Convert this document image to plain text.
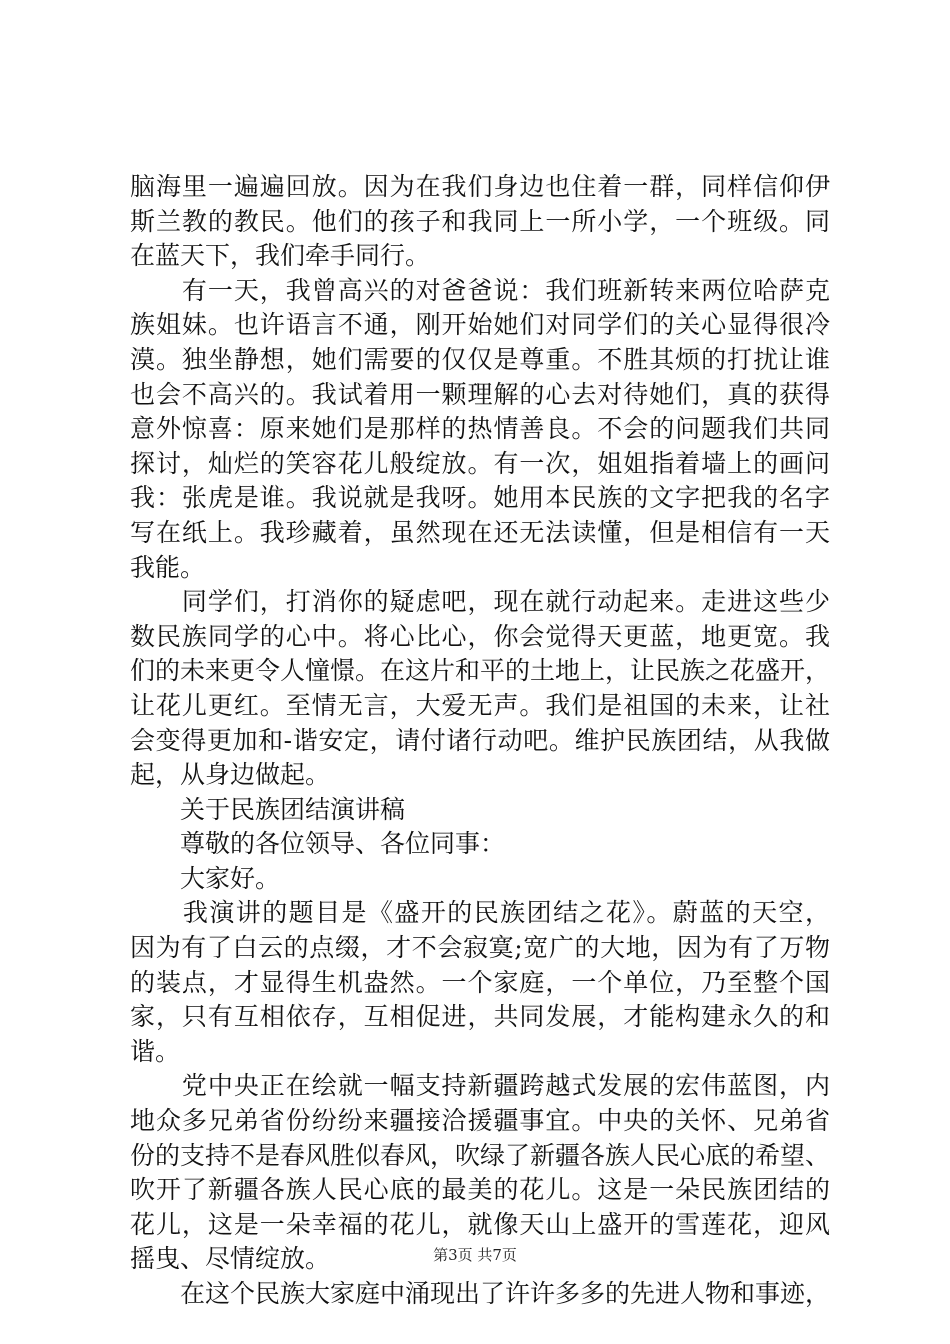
脑海里一遍遍回放。因为在我们身边也住着一群，同样信仰伊
斯兰教的教民。他们的孩子和我同上一所小学，一个班级。同
在蓝天下，我们牵手同行。
　　有一天，我曾高兴的对爸爸说：我们班新转来两位哈萨克
族姐妹。也许语言不通，刚开始她们对同学们的关心显得很冷
漠。独坐静想，她们需要的仅仅是尊重。不胜其烦的打扰让谁
也会不高兴的。我试着用一颗理解的心去对待她们，真的获得
意外惊喜：原来她们是那样的热情善良。不会的问题我们共同
探讨，灿烂的笑容花儿般绽放。有一次，姐姐指着墙上的画问
我：张虎是谁。我说就是我呀。她用本民族的文字把我的名字
写在纸上。我珍藏着，虽然现在还无法读懂，但是相信有一天
我能。
　　同学们，打消你的疑虑吧，现在就行动起来。走进这些少
数民族同学的心中。将心比心，你会觉得天更蓝，地更宽。我
们的未来更令人憧憬。在这片和平的土地上，让民族之花盛开，
让花儿更红。至情无言，大爱无声。我们是祖国的未来，让社
会变得更加和-谐安定，请付诸行动吧。维护民族团结，从我做
起，从身边做起。
　　关于民族团结演讲稿
　　尊敬的各位领导、各位同事：
　　大家好。
　　我演讲的题目是《盛开的民族团结之花》。蔚蓝的天空，
因为有了白云的点缀，才不会寂寞;宽广的大地，因为有了万物
的装点，才显得生机盎然。一个家庭，一个单位，乃至整个国
家，只有互相依存，互相促进，共同发展，才能构建永久的和
谐。
　　党中央正在绘就一幅支持新疆跨越式发展的宏伟蓝图，内
地众多兄弟省份纷纷来疆接洽援疆事宜。中央的关怀、兄弟省
份的支持不是春风胜似春风，吹绿了新疆各族人民心底的希望、
吹开了新疆各族人民心底的最美的花儿。这是一朵民族团结的
花儿，这是一朵幸福的花儿，就像天山上盛开的雪莲花，迎风
摇曳、尽情绽放。
　　在这个民族大家庭中涌现出了许许多多的先进人物和事迹，
第3页 共7页
